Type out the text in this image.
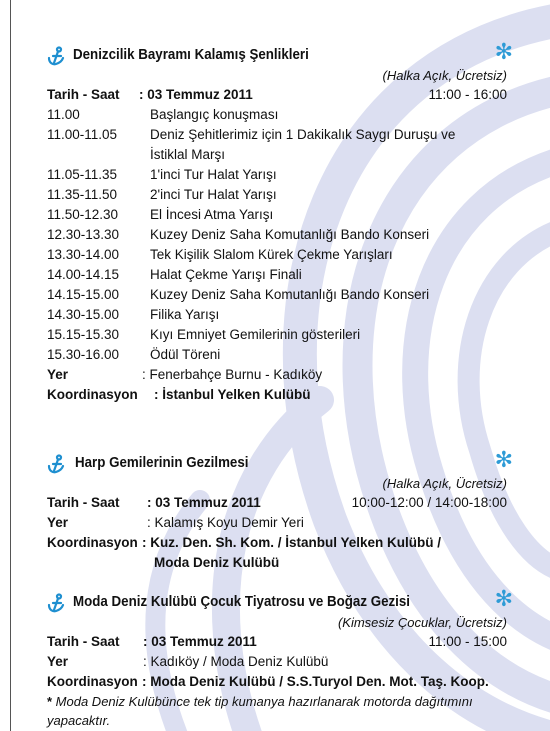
Denizcilik Bayramı Kalamış Şenlikleri	✻
(Halka Açık, Ücretsiz)
Tarih - Saat : 03 Temmuz 2011	11:00 - 16:00
11.00	Başlangıç konuşması
11.00-11.05 Deniz Şehitlerimiz için 1 Dakikalık Saygı Duruşu ve
İstiklal Marşı
11.05-11.35 1'inci Tur Halat Yarışı
11.35-11.50 2'inci Tur Halat Yarışı
11.50-12.30 El İncesi Atma Yarışı
12.30-13.30 Kuzey Deniz Saha Komutanlığı Bando Konseri
13.30-14.00 Tek Kişilik Slalom Kürek Çekme Yarışları
14.00-14.15 Halat Çekme Yarışı Finali
14.15-15.00 Kuzey Deniz Saha Komutanlığı Bando Konseri
14.30-15.00 Filika Yarışı
15.15-15.30 Kıyı Emniyet Gemilerinin gösterileri
15.30-16.00 Ödül Töreni
Yer	: Fenerbahçe Burnu - Kadıköy
Koordinasyon : İstanbul Yelken Kulübü
Harp Gemilerinin Gezilmesi	✻
(Halka Açık, Ücretsiz)
Tarih - Saat : 03 Temmuz 2011	10:00-12:00 / 14:00-18:00
Yer	: Kalamış Koyu Demir Yeri
Koordinasyon : Kuz. Den. Sh. Kom. / İstanbul Yelken Kulübü /
Moda Deniz Kulübü
Moda Deniz Kulübü Çocuk Tiyatrosu ve Boğaz Gezisi	✻
(Kimsesiz Çocuklar, Ücretsiz)
Tarih - Saat : 03 Temmuz 2011	11:00 - 15:00
Yer	: Kadıköy / Moda Deniz Kulübü
Koordinasyon : Moda Deniz Kulübü / S.S.Turyol Den. Mot. Taş. Koop.
* Moda Deniz Kulübünce tek tip kumanya hazırlanarak motorda dağıtımını yapacaktır.
